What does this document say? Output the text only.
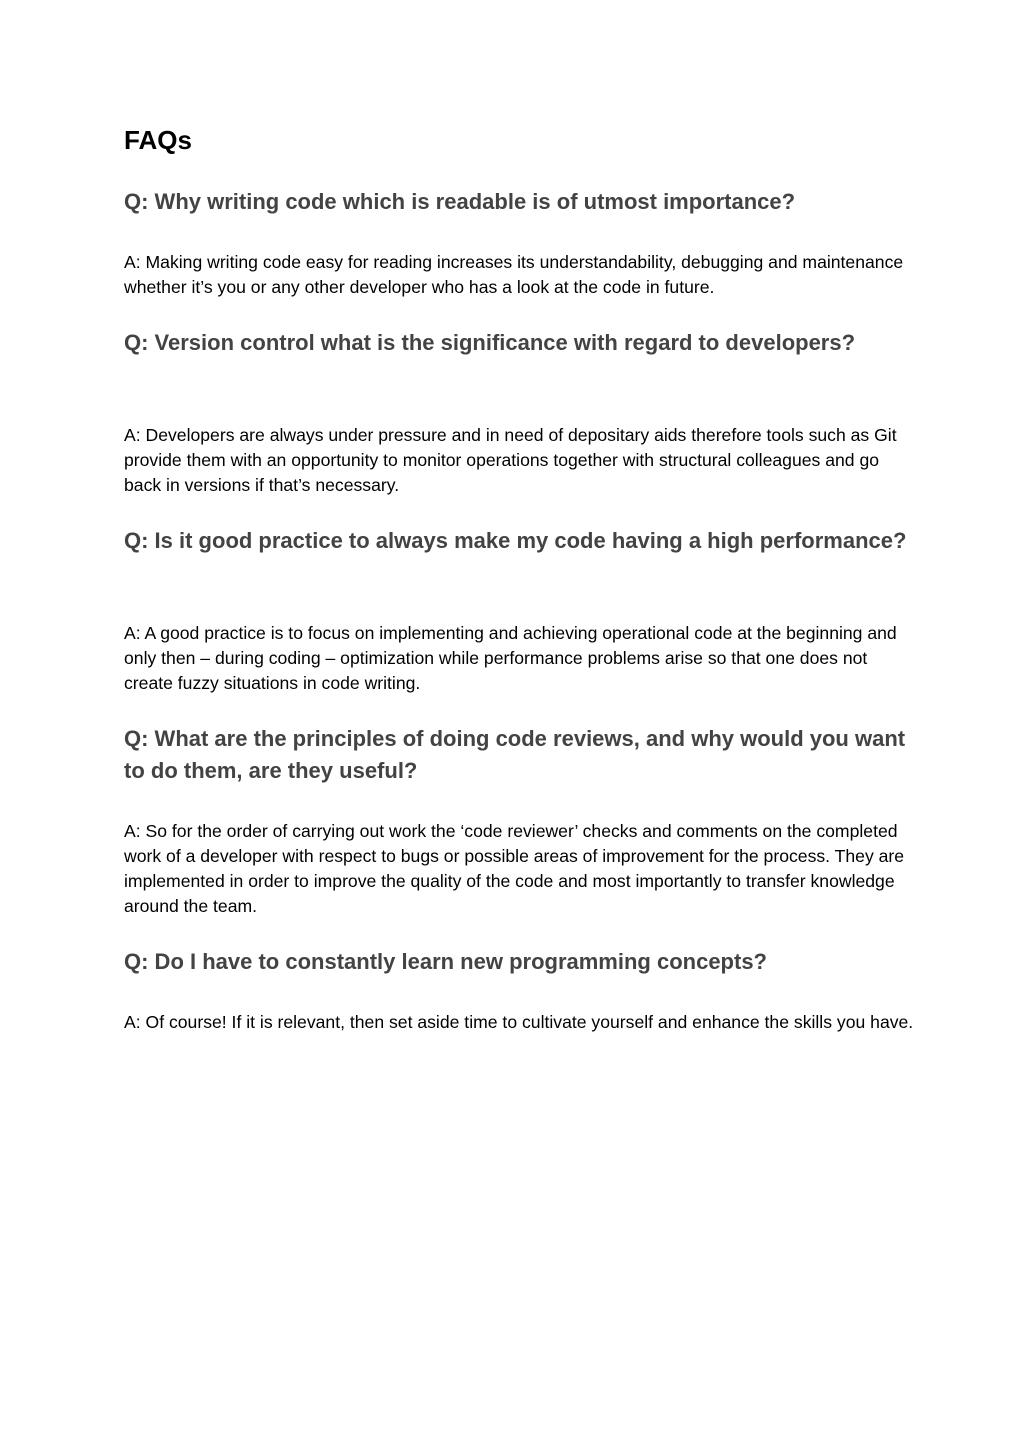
FAQs
Q: Why writing code which is readable is of utmost importance?

A: Making writing code easy for reading increases its understandability, debugging and maintenance whether it’s you or any other developer who has a look at the code in future.

Q: Version control what is the significance with regard to developers?

A: Developers are always under pressure and in need of depositary aids therefore tools such as Git provide them with an opportunity to monitor operations together with structural colleagues and go back in versions if that’s necessary.

Q: Is it good practice to always make my code having a high performance?

A: A good practice is to focus on implementing and achieving operational code at the beginning and only then – during coding – optimization while performance problems arise so that one does not create fuzzy situations in code writing.

Q: What are the principles of doing code reviews, and why would you want to do them, are they useful?

A: So for the order of carrying out work the ‘code reviewer’ checks and comments on the completed work of a developer with respect to bugs or possible areas of improvement for the process. They are implemented in order to improve the quality of the code and most importantly to transfer knowledge around the team.

Q: Do I have to constantly learn new programming concepts?

A: Of course! If it is relevant, then set aside time to cultivate yourself and enhance the skills you have.
